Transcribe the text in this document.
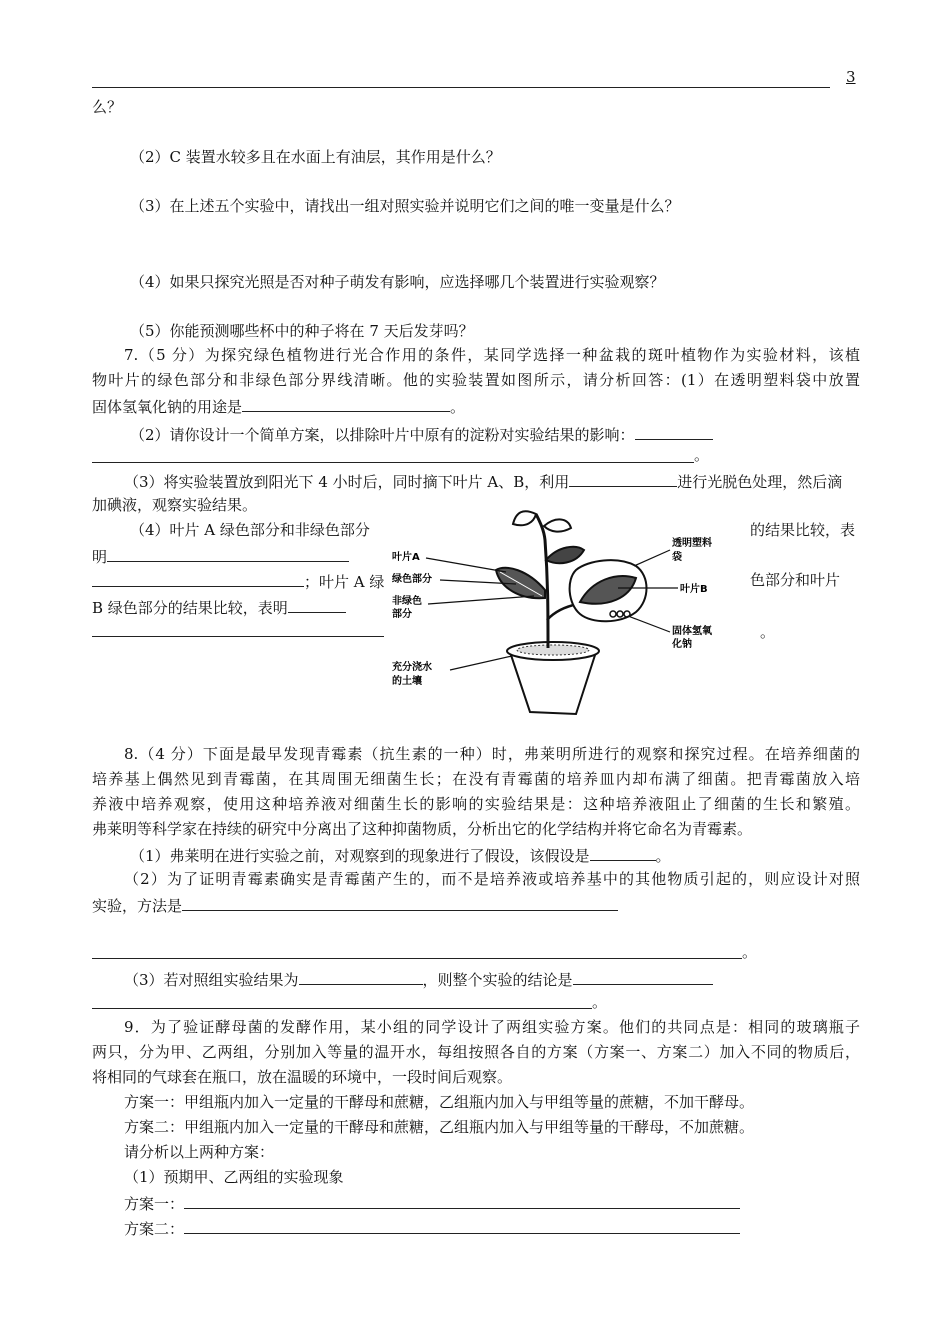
3
么？
（2）C 装置水较多且在水面上有油层，其作用是什么？
（3）在上述五个实验中，请找出一组对照实验并说明它们之间的唯一变量是什么？
（4）如果只探究光照是否对种子萌发有影响，应选择哪几个装置进行实验观察？
（5）你能预测哪些杯中的种子将在 7 天后发芽吗？
7.（5 分）为探究绿色植物进行光合作用的条件，某同学选择一种盆栽的斑叶植物作为实验材料，该植
物叶片的绿色部分和非绿色部分界线清晰。他的实验装置如图所示，请分析回答：(1）在透明塑料袋中放置
固体氢氧化钠的用途是	。
（2）请你设计一个简单方案，以排除叶片中原有的淀粉对实验结果的影响：
。
（3）将实验装置放到阳光下 4 小时后，同时摘下叶片 A、B，利用	进行光脱色处理，然后滴
加碘液，观察实验结果。
（4）叶片 A 绿色部分和非绿色部分	的结果比较，表
明
；叶片 A 绿	色部分和叶片
B 绿色部分的结果比较，表明
。
叶片A
绿色部分
非绿色
部分
透明塑料
袋
叶片B
固体氢氧
化钠
充分浇水
的土壤
8.（4 分）下面是最早发现青霉素（抗生素的一种）时，弗莱明所进行的观察和探究过程。在培养细菌的
培养基上偶然见到青霉菌，在其周围无细菌生长；在没有青霉菌的培养皿内却布满了细菌。把青霉菌放入培
养液中培养观察，使用这种培养液对细菌生长的影响的实验结果是：这种培养液阻止了细菌的生长和繁殖。
弗莱明等科学家在持续的研究中分离出了这种抑菌物质，分析出它的化学结构并将它命名为青霉素。
（1）弗莱明在进行实验之前，对观察到的现象进行了假设，该假设是	。
（2）为了证明青霉素确实是青霉菌产生的，而不是培养液或培养基中的其他物质引起的，则应设计对照
实验，方法是
。
（3）若对照组实验结果为	，则整个实验的结论是
。
9．为了验证酵母菌的发酵作用，某小组的同学设计了两组实验方案。他们的共同点是：相同的玻璃瓶子
两只，分为甲、乙两组，分别加入等量的温开水，每组按照各自的方案（方案一、方案二）加入不同的物质后，
将相同的气球套在瓶口，放在温暖的环境中，一段时间后观察。
方案一：甲组瓶内加入一定量的干酵母和蔗糖，乙组瓶内加入与甲组等量的蔗糖，不加干酵母。
方案二：甲组瓶内加入一定量的干酵母和蔗糖，乙组瓶内加入与甲组等量的干酵母，不加蔗糖。
请分析以上两种方案：
（1）预期甲、乙两组的实验现象
方案一：
方案二：
